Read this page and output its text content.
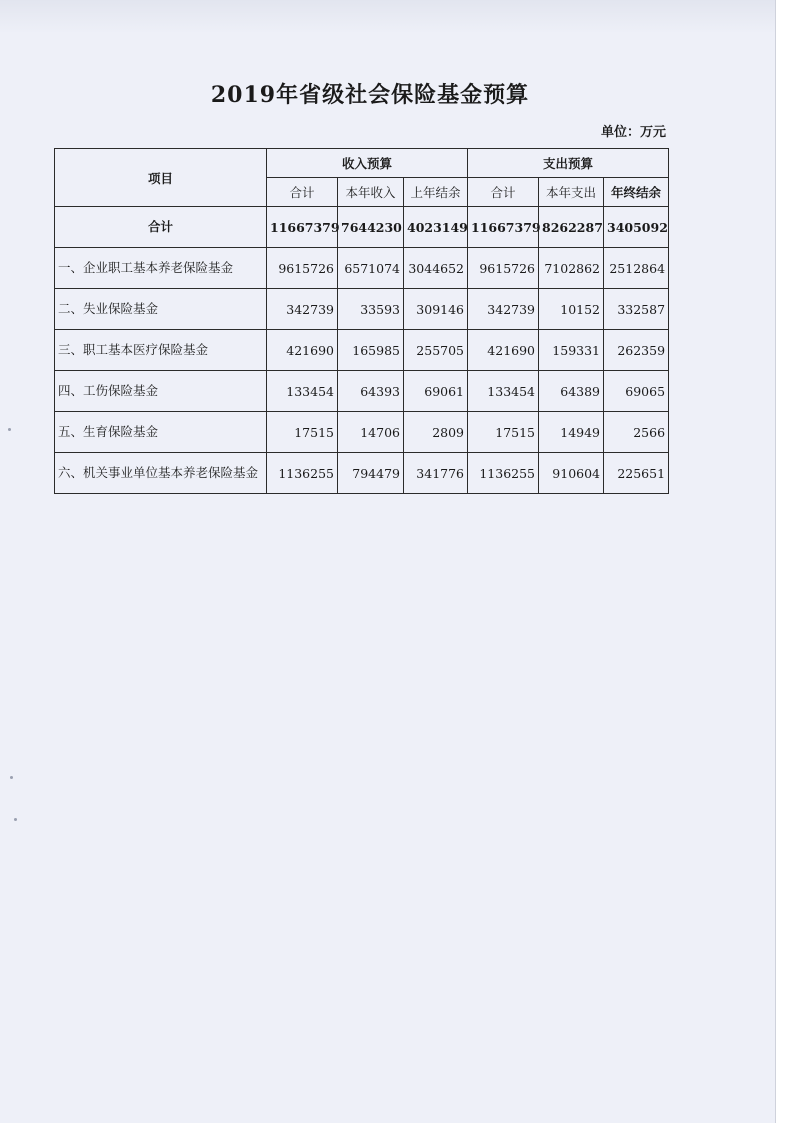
2019年省级社会保险基金预算
单位：万元
项目	收入预算			支出预算		
	合计	本年收入	上年结余	合计	本年支出	年终结余
合计	11667379	7644230	4023149	11667379	8262287	3405092
一、企业职工基本养老保险基金	9615726	6571074	3044652	9615726	7102862	2512864
二、失业保险基金	342739	33593	309146	342739	10152	332587
三、职工基本医疗保险基金	421690	165985	255705	421690	159331	262359
四、工伤保险基金	133454	64393	69061	133454	64389	69065
五、生育保险基金	17515	14706	2809	17515	14949	2566
六、机关事业单位基本养老保险基金	1136255	794479	341776	1136255	910604	225651
